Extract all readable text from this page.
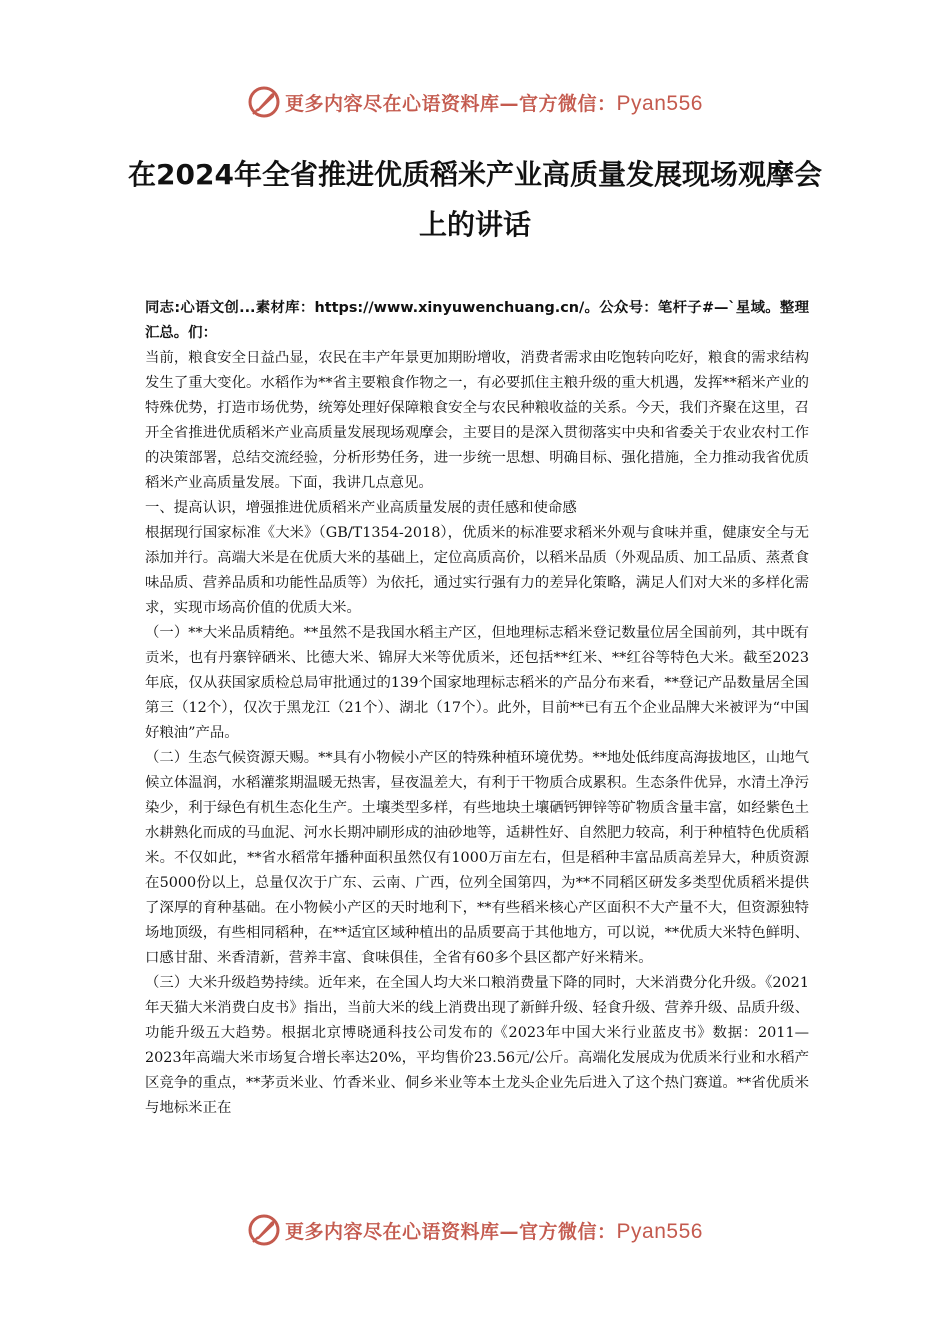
更多内容尽在心语资料库—官方微信：Pyan556
在2024年全省推进优质稻米产业高质量发展现场观摩会上的讲话

同志:心语文创...素材库：https://www.xinyuwenchuang.cn/。公众号：笔杆子#—`星域。整理汇总。们：

当前，粮食安全日益凸显，农民在丰产年景更加期盼增收，消费者需求由吃饱转向吃好，粮食的需求结构发生了重大变化。水稻作为**省主要粮食作物之一，有必要抓住主粮升级的重大机遇，发挥**稻米产业的特殊优势，打造市场优势，统筹处理好保障粮食安全与农民种粮收益的关系。今天，我们齐聚在这里，召开全省推进优质稻米产业高质量发展现场观摩会，主要目的是深入贯彻落实中央和省委关于农业农村工作的决策部署，总结交流经验，分析形势任务，进一步统一思想、明确目标、强化措施，全力推动我省优质稻米产业高质量发展。下面，我讲几点意见。

一、提高认识，增强推进优质稻米产业高质量发展的责任感和使命感

根据现行国家标准《大米》（GB/T1354-2018），优质米的标准要求稻米外观与食味并重，健康安全与无添加并行。高端大米是在优质大米的基础上，定位高质高价，以稻米品质（外观品质、加工品质、蒸煮食味品质、营养品质和功能性品质等）为依托，通过实行强有力的差异化策略，满足人们对大米的多样化需求，实现市场高价值的优质大米。

（一）**大米品质精绝。**虽然不是我国水稻主产区，但地理标志稻米登记数量位居全国前列，其中既有贡米，也有丹寨锌硒米、比德大米、锦屏大米等优质米，还包括**红米、**红谷等特色大米。截至2023年底，仅从获国家质检总局审批通过的139个国家地理标志稻米的产品分布来看，**登记产品数量居全国第三（12个），仅次于黑龙江（21个）、湖北（17个）。此外，目前**已有五个企业品牌大米被评为“中国好粮油”产品。

（二）生态气候资源天赐。**具有小物候小产区的特殊种植环境优势。**地处低纬度高海拔地区，山地气候立体温润，水稻灌浆期温暖无热害，昼夜温差大，有利于干物质合成累积。生态条件优异，水清土净污染少，利于绿色有机生态化生产。土壤类型多样，有些地块土壤硒钙钾锌等矿物质含量丰富，如经紫色土水耕熟化而成的马血泥、河水长期冲刷形成的油砂地等，适耕性好、自然肥力较高，利于种植特色优质稻米。不仅如此，**省水稻常年播种面积虽然仅有1000万亩左右，但是稻种丰富品质高差异大，种质资源在5000份以上，总量仅次于广东、云南、广西，位列全国第四，为**不同稻区研发多类型优质稻米提供了深厚的育种基础。在小物候小产区的天时地利下，**有些稻米核心产区面积不大产量不大，但资源独特场地顶级，有些相同稻种，在**适宜区域种植出的品质要高于其他地方，可以说，**优质大米特色鲜明、口感甘甜、米香清新，营养丰富、食味俱佳，全省有60多个县区都产好米精米。

（三）大米升级趋势持续。近年来，在全国人均大米口粮消费量下降的同时，大米消费分化升级。《2021年天猫大米消费白皮书》指出，当前大米的线上消费出现了新鲜升级、轻食升级、营养升级、品质升级、功能升级五大趋势。根据北京博晓通科技公司发布的《2023年中国大米行业蓝皮书》数据：2011—2023年高端大米市场复合增长率达20%，平均售价23.56元/公斤。高端化发展成为优质米行业和水稻产区竞争的重点，**茅贡米业、竹香米业、侗乡米业等本土龙头企业先后进入了这个热门赛道。**省优质米与地标米正在

更多内容尽在心语资料库—官方微信：Pyan556
